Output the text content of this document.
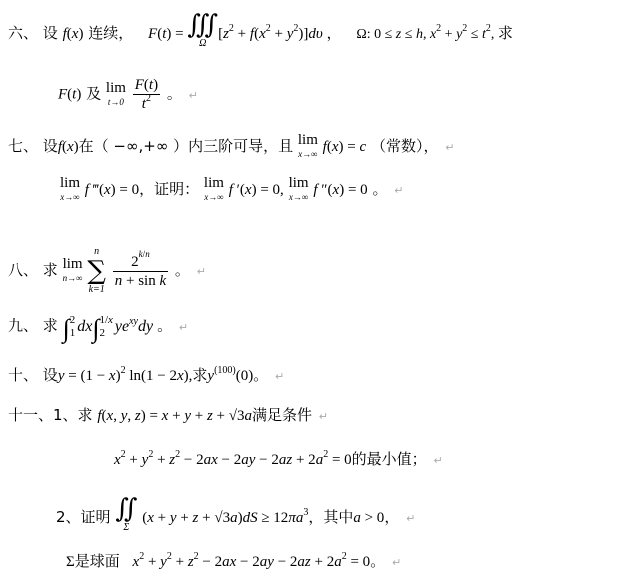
六、 设 f(x) 连续， F(t) = ∭
Ω
$[z^2 + f(x^2 + y^2)]d\upsilon$ ， Ω: 0 ≤ z ≤ h, $x^2 + y^2 \le t^2$, 求
F(t) 及 lim
t→0
$\frac{F(t)}{t^2}$ 。 ↵
七、 设f(x)在（ −∞,+∞ ）内三阶可导，且 lim
x→∞ f(x) = c （常数）， ↵
lim
x→∞ f ‴(x) = 0，证明： lim
x→∞ f ′(x) = 0, lim
x→∞ f ″(x) = 0 。 ↵
八、 求 lim
n→∞

n
∑
k=1
$\frac{2^{k/n}}{\text{n + sin k}}$ 。 ↵
九、 求 ∫ 2
1 dx∫ 1/x
2 $ye^{xy}dy$ 。 ↵
十、 设$y = (1 - x)^2$ ln(1 − 2x),求$y^{(100)}(0)$。 ↵
十一、1、求 f(x, y, z) = x + y + z + √3a满足条件 ↵
$x^2 + y^2 + z^2 - 2ax - 2ay - 2az + 2a^2 = 0$的最小值； ↵
2、证明 ∬
Σ
$(x + y + z + √3a)dS \ge 12\pi a^3$，其中a > 0， ↵
Σ是球面 $x^2 + y^2 + z^2 - 2ax - 2ay - 2az + 2a^2 = 0$。 ↵
